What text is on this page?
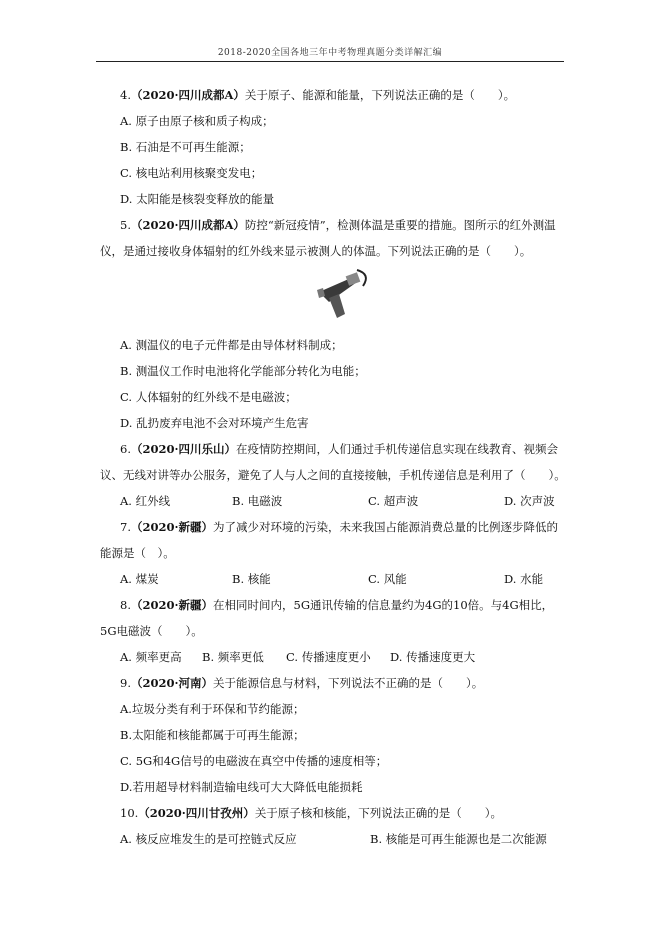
2018-2020全国各地三年中考物理真题分类详解汇编
4.（2020·四川成都A）关于原子、能源和能量，下列说法正确的是（　　）。
A. 原子由原子核和质子构成；
B. 石油是不可再生能源；
C. 核电站利用核聚变发电；
D. 太阳能是核裂变释放的能量
5.（2020·四川成都A）防控“新冠疫情”，检测体温是重要的措施。图所示的红外测温
仪，是通过接收身体辐射的红外线来显示被测人的体温。下列说法正确的是（　　）。
A. 测温仪的电子元件都是由导体材料制成；
B. 测温仪工作时电池将化学能部分转化为电能；
C. 人体辐射的红外线不是电磁波；
D. 乱扔废弃电池不会对环境产生危害
6.（2020·四川乐山）在疫情防控期间，人们通过手机传递信息实现在线教育、视频会
议、无线对讲等办公服务，避免了人与人之间的直接接触，手机传递信息是利用了（　　）。
A. 红外线	B. 电磁波	C. 超声波	D. 次声波
7.（2020·新疆）为了减少对环境的污染，未来我国占能源消费总量的比例逐步降低的
能源是（　）。
A. 煤炭	B. 核能	C. 风能	D. 水能
8.（2020·新疆）在相同时间内，5G通讯传输的信息量约为4G的10倍。与4G相比，
5G电磁波（　　）。
A. 频率更高 B. 频率更低 C. 传播速度更小 D. 传播速度更大
9.（2020·河南）关于能源信息与材料，下列说法不正确的是（　　）。
A.垃圾分类有利于环保和节约能源；
B.太阳能和核能都属于可再生能源；
C. 5G和4G信号的电磁波在真空中传播的速度相等；
D.若用超导材料制造输电线可大大降低电能损耗
10.（2020·四川甘孜州）关于原子核和核能，下列说法正确的是（　　）。
A. 核反应堆发生的是可控链式反应	B. 核能是可再生能源也是二次能源
